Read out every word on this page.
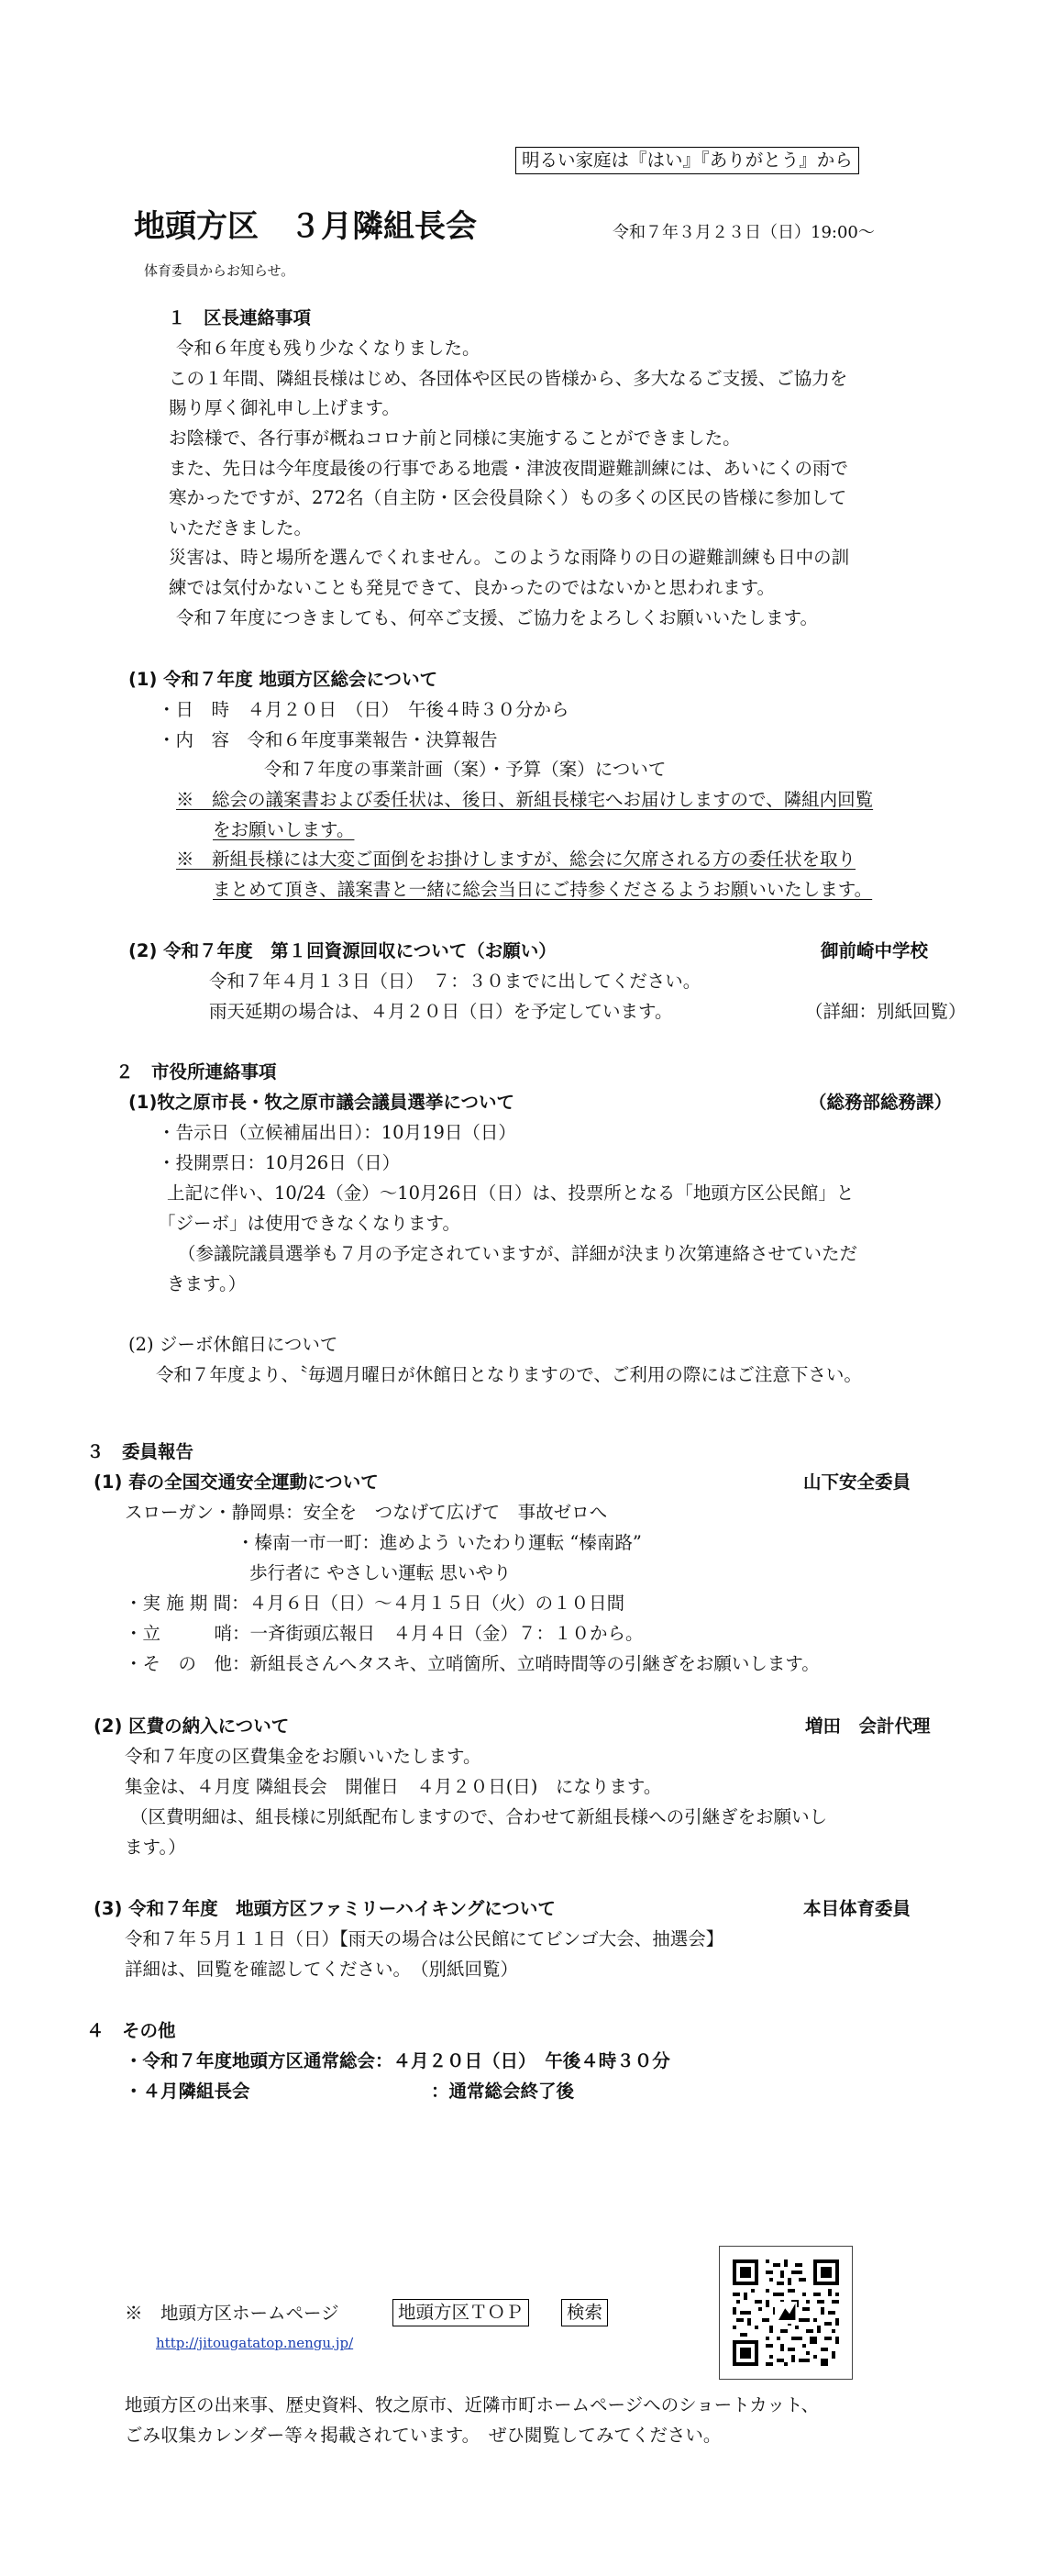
明るい家庭は『はい』『ありがとう』から
地頭方区　３月隣組長会	令和７年３月２３日（日）19:00～
体育委員からお知らせ。
１　区長連絡事項
令和６年度も残り少なくなりました。
この１年間、隣組長様はじめ、各団体や区民の皆様から、多大なるご支援、ご協力を
賜り厚く御礼申し上げます。
お陰様で、各行事が概ねコロナ前と同様に実施することができました。
また、先日は今年度最後の行事である地震・津波夜間避難訓練には、あいにくの雨で
寒かったですが、272名（自主防・区会役員除く）もの多くの区民の皆様に参加して
いただきました。
災害は、時と場所を選んでくれません。このような雨降りの日の避難訓練も日中の訓
練では気付かないことも発見できて、良かったのではないかと思われます。
令和７年度につきましても、何卒ご支援、ご協力をよろしくお願いいたします。
(1) 令和７年度 地頭方区総会について
・日　時　４月２０日　（日）　午後４時３０分から
・内　容　令和６年度事業報告・決算報告
令和７年度の事業計画（案）・予算（案）について
※　総会の議案書および委任状は、後日、新組長様宅へお届けしますので、隣組内回覧
をお願いします。
※　新組長様には大変ご面倒をお掛けしますが、総会に欠席される方の委任状を取り
まとめて頂き、議案書と一緒に総会当日にご持参くださるようお願いいたします。
(2) 令和７年度　第１回資源回収について（お願い）	御前崎中学校
令和７年４月１３日（日）　７：３０までに出してください。
雨天延期の場合は、４月２０日（日）を予定しています。	（詳細：別紙回覧）
２　市役所連絡事項
(1)牧之原市長・牧之原市議会議員選挙について	（総務部総務課）
・告示日（立候補届出日）：10月19日（日）
・投開票日：10月26日（日）
上記に伴い、10/24（金）～10月26日（日）は、投票所となる「地頭方区公民館」と
「ジーボ」は使用できなくなります。
（参議院議員選挙も７月の予定されていますが、詳細が決まり次第連絡させていただ
きます。）
(2) ジーボ休館日について
令和７年度より、〝毎週月曜日が休館日となりますので、ご利用の際にはご注意下さい。
３　委員報告
(1) 春の全国交通安全運動について	山下安全委員
スローガン・静岡県：安全を　つなげて広げて　事故ゼロへ
・榛南一市一町：進めよう いたわり運転 “榛南路”
歩行者に やさしい運転 思いやり
・実 施 期 間：４月６日（日）～４月１５日（火）の１０日間
・立　　　哨：一斉街頭広報日　４月４日（金）７：１０から。
・そ　の　他：新組長さんへタスキ、立哨箇所、立哨時間等の引継ぎをお願いします。
(2) 区費の納入について	増田　会計代理
令和７年度の区費集金をお願いいたします。
集金は、４月度 隣組長会　開催日　４月２０日(日)　になります。
（区費明細は、組長様に別紙配布しますので、合わせて新組長様への引継ぎをお願いし
ます。）
(3) 令和７年度　地頭方区ファミリーハイキングについて	本目体育委員
令和７年５月１１日（日）【雨天の場合は公民館にてビンゴ大会、抽選会】
詳細は、回覧を確認してください。　（別紙回覧）
４　その他
・令和７年度地頭方区通常総会：４月２０日（日）　午後４時３０分
・４月隣組長会	：通常総会終了後
※　地頭方区ホームページ	地頭方区ＴＯＰ	検索
http://jitougatatop.nengu.jp/
地頭方区の出来事、歴史資料、牧之原市、近隣市町ホームページへのショートカット、
ごみ収集カレンダー等々掲載されています。　ぜひ閲覧してみてください。
